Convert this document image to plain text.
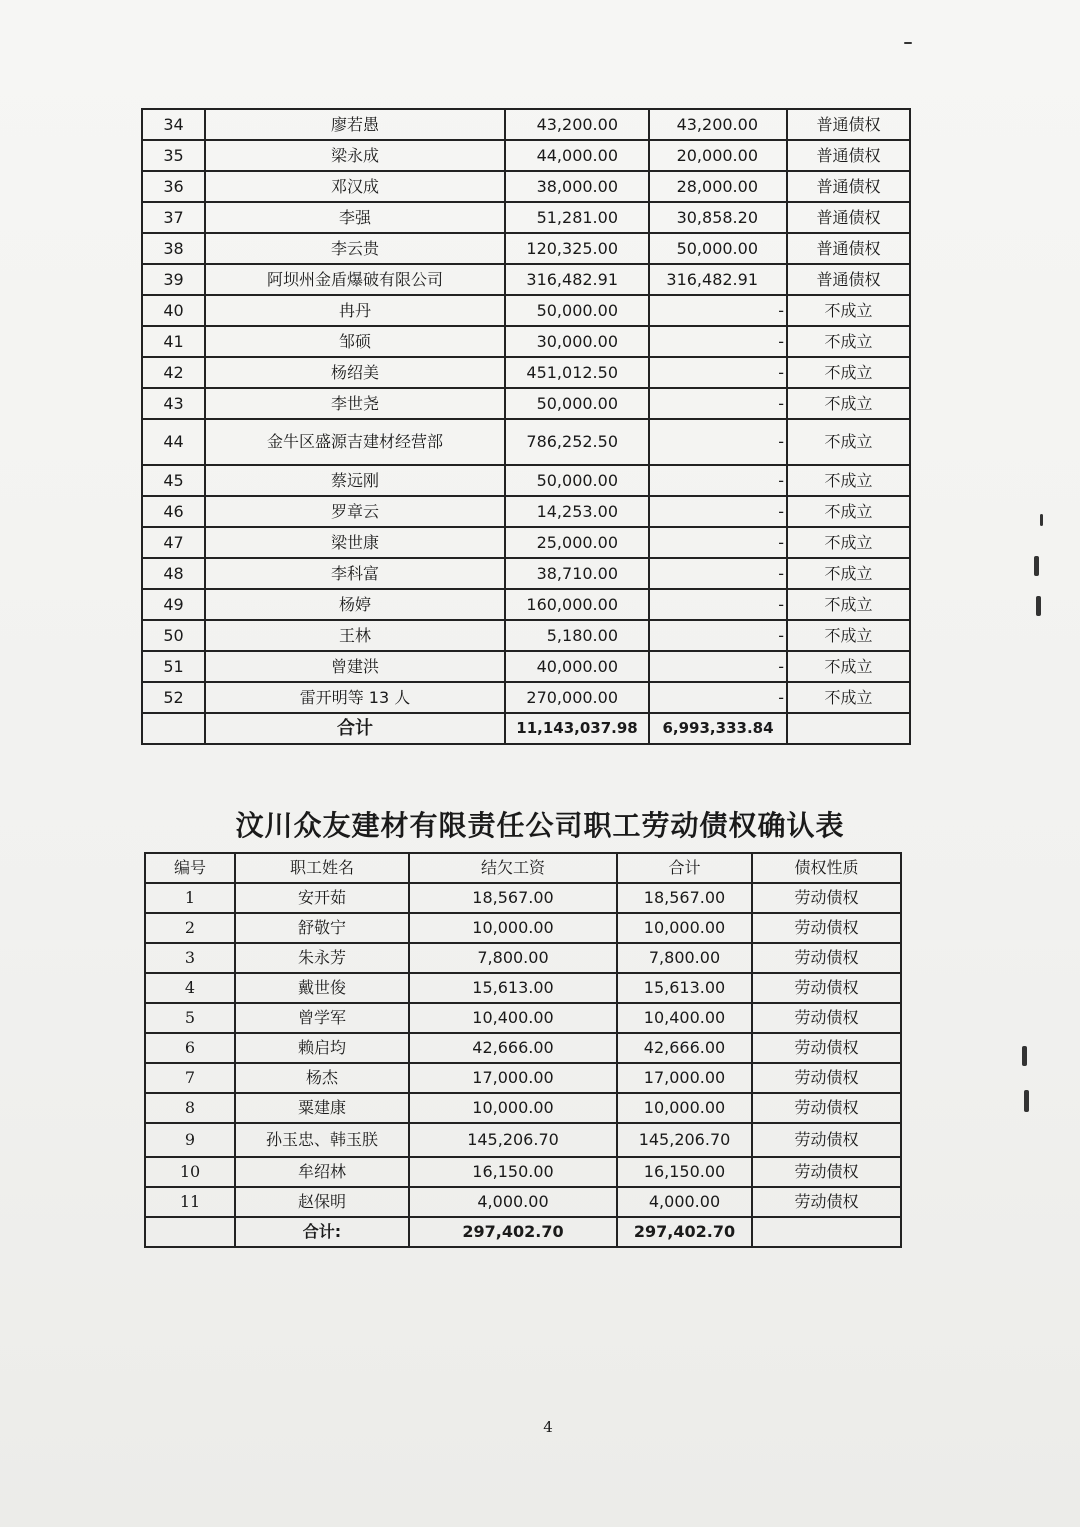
34	廖若愚	43,200.00	43,200.00	普通债权
35	梁永成	44,000.00	20,000.00	普通债权
36	邓汉成	38,000.00	28,000.00	普通债权
37	李强	51,281.00	30,858.20	普通债权
38	李云贵	120,325.00	50,000.00	普通债权
39	阿坝州金盾爆破有限公司	316,482.91	316,482.91	普通债权
40	冉丹	50,000.00	-	不成立
41	邹硕	30,000.00	-	不成立
42	杨绍美	451,012.50	-	不成立
43	李世尧	50,000.00	-	不成立
44	金牛区盛源吉建材经营部	786,252.50	-	不成立
45	蔡远刚	50,000.00	-	不成立
46	罗章云	14,253.00	-	不成立
47	梁世康	25,000.00	-	不成立
48	李科富	38,710.00	-	不成立
49	杨婷	160,000.00	-	不成立
50	王林	5,180.00	-	不成立
51	曾建洪	40,000.00	-	不成立
52	雷开明等 13 人	270,000.00	-	不成立
	合计	11,143,037.98	6,993,333.84	
汶川众友建材有限责任公司职工劳动债权确认表
编号	职工姓名	结欠工资	合计	债权性质
1	安开茹	18,567.00	18,567.00	劳动债权
2	舒敬宁	10,000.00	10,000.00	劳动债权
3	朱永芳	7,800.00	7,800.00	劳动债权
4	戴世俊	15,613.00	15,613.00	劳动债权
5	曾学军	10,400.00	10,400.00	劳动债权
6	赖启均	42,666.00	42,666.00	劳动债权
7	杨杰	17,000.00	17,000.00	劳动债权
8	粟建康	10,000.00	10,000.00	劳动债权
9	孙玉忠、韩玉朕	145,206.70	145,206.70	劳动债权
10	牟绍林	16,150.00	16,150.00	劳动债权
11	赵保明	4,000.00	4,000.00	劳动债权
	合计:	297,402.70	297,402.70	
4
